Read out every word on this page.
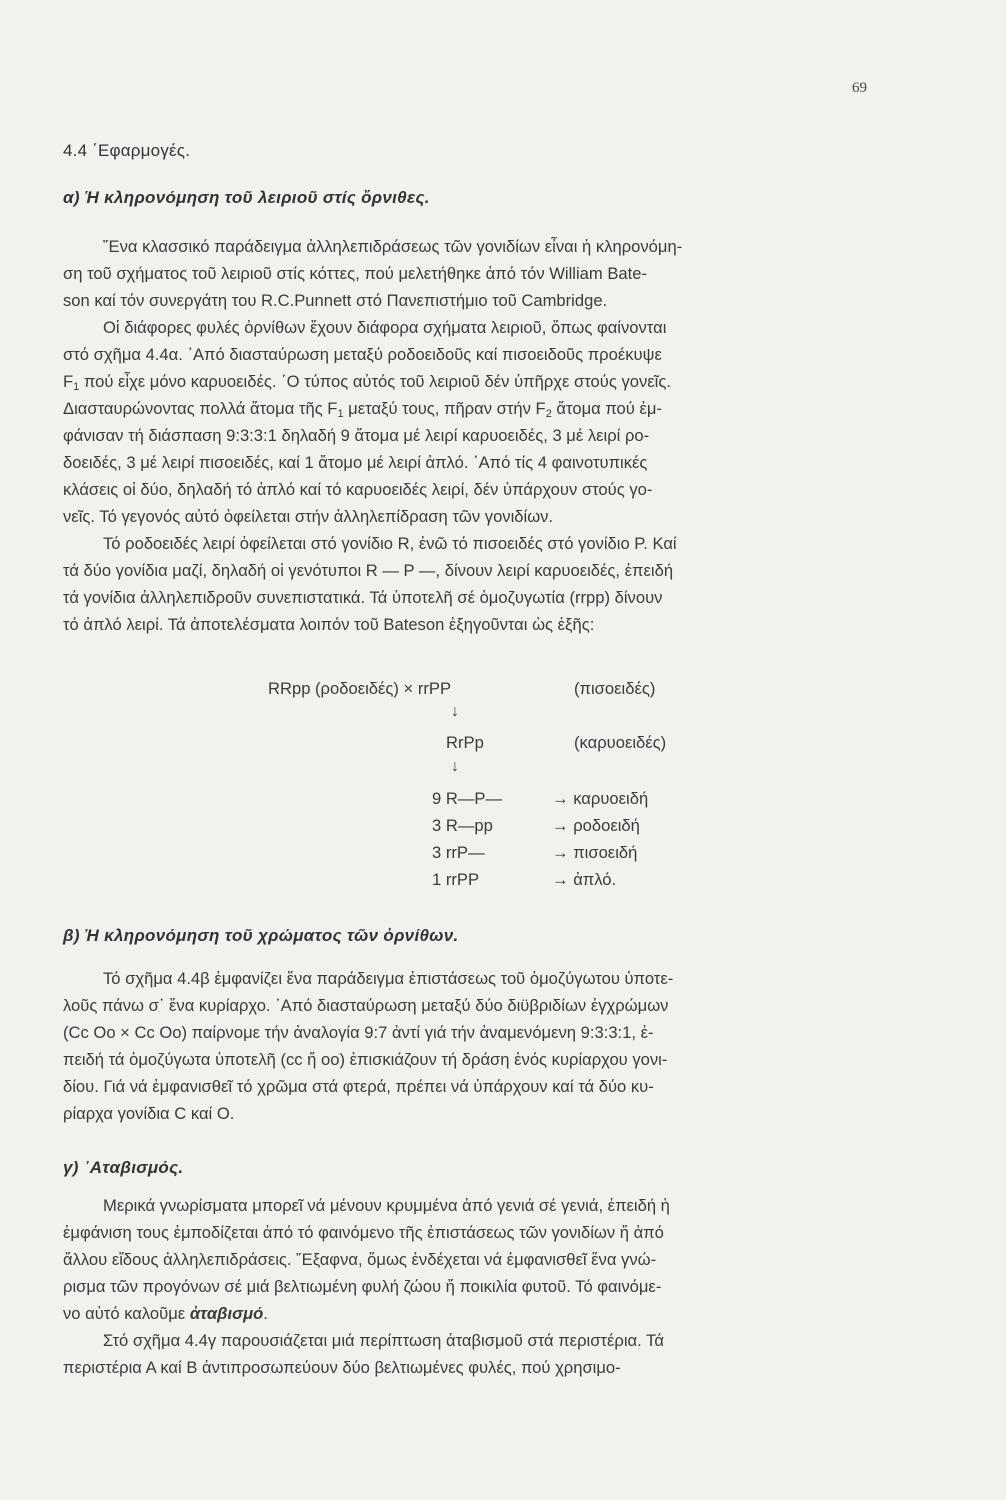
69
4.4 ΄Εφαρμογές.
α) Ἡ κληρονόμηση τοῦ λειριοῦ στίς ὄρνιθες.
῞Ενα κλασσικό παράδειγμα ἀλληλεπιδράσεως τῶν γονιδίων εἶναι ἡ κληρονόμη-
ση τοῦ σχήματος τοῦ λειριοῦ στίς κόττες, πού μελετήθηκε ἀπό τόν William Bate-
son καί τόν συνεργάτη του R.C.Punnett στό Πανεπιστήμιο τοῦ Cambridge.
Οἱ διάφορες φυλές ὀρνίθων ἔχουν διάφορα σχήματα λειριοῦ, ὅπως φαίνονται
στό σχῆμα 4.4α. ᾽Από διασταύρωση μεταξύ ροδοειδοῦς καί πισοειδοῦς προέκυψε
$F_1$ πού εἶχε μόνο καρυοειδές. ῾Ο τύπος αὐτός τοῦ λειριοῦ δέν ὑπῆρχε στούς γονεῖς.
Διασταυρώνοντας πολλά ἄτομα τῆς $F_1$ μεταξύ τους, πῆραν στήν $F_2$ ἄτομα πού ἐμ-
φάνισαν τή διάσπαση 9:3:3:1 δηλαδή 9 ἄτομα μέ λειρί καρυοειδές, 3 μέ λειρί ρο-
δοειδές, 3 μέ λειρί πισοειδές, καί 1 ἄτομο μέ λειρί ἀπλό. ᾽Από τίς 4 φαινοτυπικές
κλάσεις οἱ δύο, δηλαδή τό ἀπλό καί τό καρυοειδές λειρί, δέν ὑπάρχουν στούς γο-
νεῖς. Τό γεγονός αὐτό ὀφείλεται στήν ἀλληλεπίδραση τῶν γονιδίων.
Τό ροδοειδές λειρί ὀφείλεται στό γονίδιο R, ἐνῶ τό πισοειδές στό γονίδιο P. Καί
τά δύο γονίδια μαζί, δηλαδή οἱ γενότυποι R — P —, δίνουν λειρί καρυοειδές, ἐπειδή
τά γονίδια ἀλληλεπιδροῦν συνεπιστατικά. Τά ὑποτελῆ σέ ὁμοζυγωτία (rrpp) δίνουν
τό ἀπλό λειρί. Τά ἀποτελέσματα λοιπόν τοῦ Bateson ἐξηγοῦνται ὡς ἑξῆς:
RRpp (ροδοειδές) × rrPP	(πισοειδές)
↓
RrPp	(καρυοειδές)
↓
9 R—P—	→ καρυοειδή
3 R—pp	→ ροδοειδή
3 rrP—	→ πισοειδή
1 rrPP	→ ἀπλό.
β) Ἡ κληρονόμηση τοῦ χρώματος τῶν ὀρνίθων.
Τό σχῆμα 4.4β ἐμφανίζει ἕνα παράδειγμα ἐπιστάσεως τοῦ ὁμοζύγωτου ὑποτε-
λοῦς πάνω σ᾽ ἕνα κυρίαρχο. ᾽Από διασταύρωση μεταξύ δύο διϋβριδίων ἐγχρώμων
(Cc Oo × Cc Oo) παίρνομε τήν ἀναλογία 9:7 ἀντί γιά τήν ἀναμενόμενη 9:3:3:1, ἐ-
πειδή τά ὁμοζύγωτα ὑποτελῆ (cc ἤ oo) ἐπισκιάζουν τή δράση ἑνός κυρίαρχου γονι-
δίου. Γιά νά ἐμφανισθεῖ τό χρῶμα στά φτερά, πρέπει νά ὑπάρχουν καί τά δύο κυ-
ρίαρχα γονίδια C καί O.
γ) ᾽Αταβισμός.
Μερικά γνωρίσματα μπορεῖ νά μένουν κρυμμένα ἀπό γενιά σέ γενιά, ἐπειδή ἡ
ἐμφάνιση τους ἐμποδίζεται ἀπό τό φαινόμενο τῆς ἐπιστάσεως τῶν γονιδίων ἤ ἀπό
ἄλλου εἴδους ἀλληλεπιδράσεις. ῎Εξαφνα, ὅμως ἐνδέχεται νά ἐμφανισθεῖ ἕνα γνώ-
ρισμα τῶν προγόνων σέ μιά βελτιωμένη φυλή ζώου ἤ ποικιλία φυτοῦ. Τό φαινόμε-
νο αὐτό καλοῦμε ἀταβισμό.
Στό σχῆμα 4.4γ παρουσιάζεται μιά περίπτωση ἀταβισμοῦ στά περιστέρια. Τά
περιστέρια Α καί Β ἀντιπροσωπεύουν δύο βελτιωμένες φυλές, πού χρησιμο-
